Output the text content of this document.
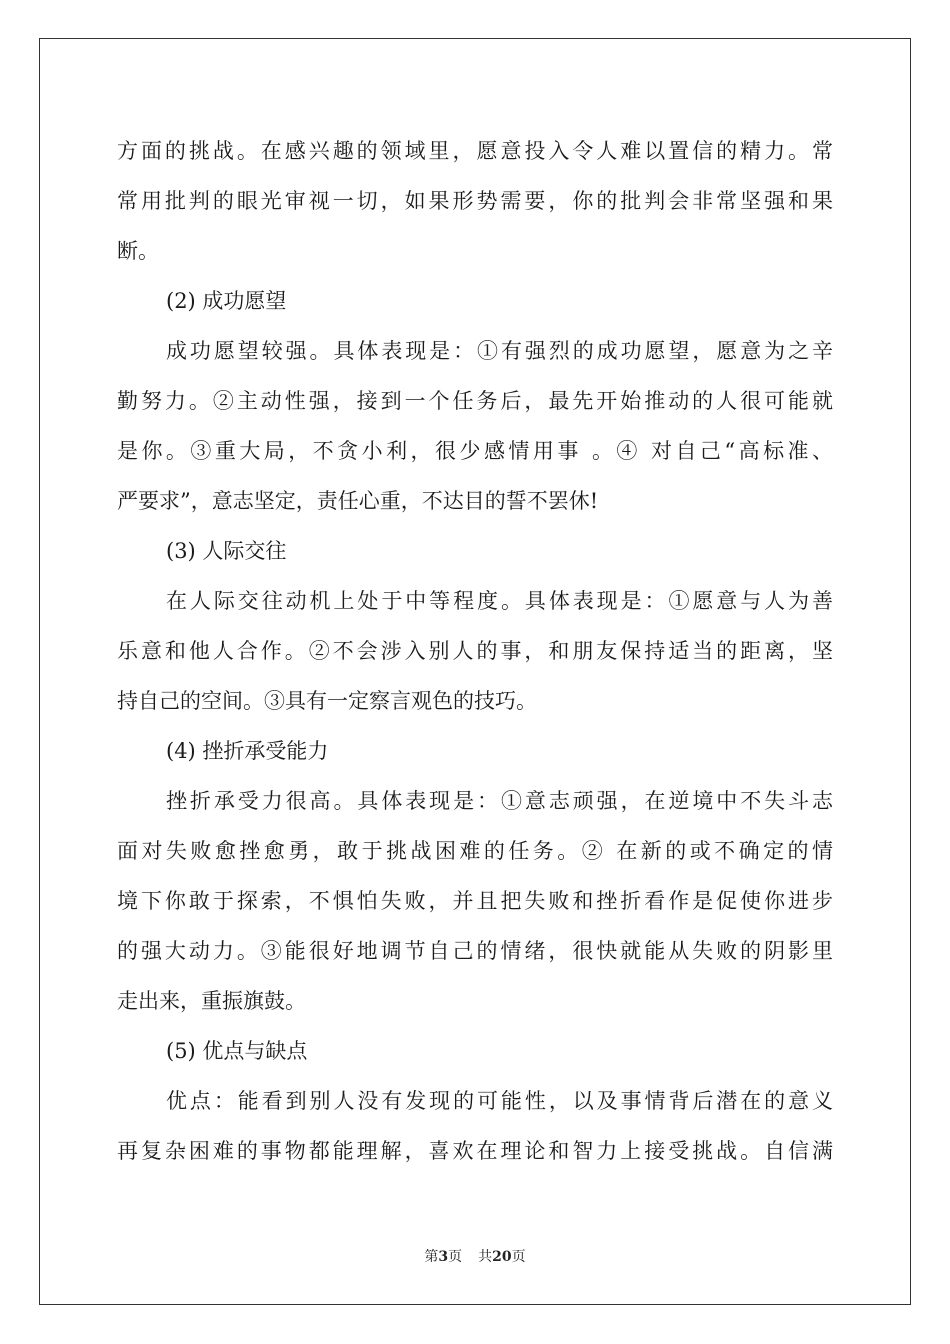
方面的挑战。在感兴趣的领域里，愿意投入令人难以置信的精力。常
常用批判的眼光审视一切，如果形势需要，你的批判会非常坚强和果
断。
(2) 成功愿望
成功愿望较强。具体表现是：①有强烈的成功愿望，愿意为之辛
勤努力。②主动性强，接到一个任务后，最先开始推动的人很可能就
是你。③重大局，不贪小利，很少感情用事 。④ 对自己“高标准、
严要求”，意志坚定，责任心重，不达目的誓不罢休!
(3) 人际交往
在人际交往动机上处于中等程度。具体表现是：①愿意与人为善
乐意和他人合作。②不会涉入别人的事，和朋友保持适当的距离，坚
持自己的空间。③具有一定察言观色的技巧。
(4) 挫折承受能力
挫折承受力很高。具体表现是：①意志顽强，在逆境中不失斗志
面对失败愈挫愈勇，敢于挑战困难的任务。② 在新的或不确定的情
境下你敢于探索，不惧怕失败，并且把失败和挫折看作是促使你进步
的强大动力。③能很好地调节自己的情绪，很快就能从失败的阴影里
走出来，重振旗鼓。
(5) 优点与缺点
优点：能看到别人没有发现的可能性，以及事情背后潜在的意义
再复杂困难的事物都能理解，喜欢在理论和智力上接受挑战。自信满
第3页 共20页
